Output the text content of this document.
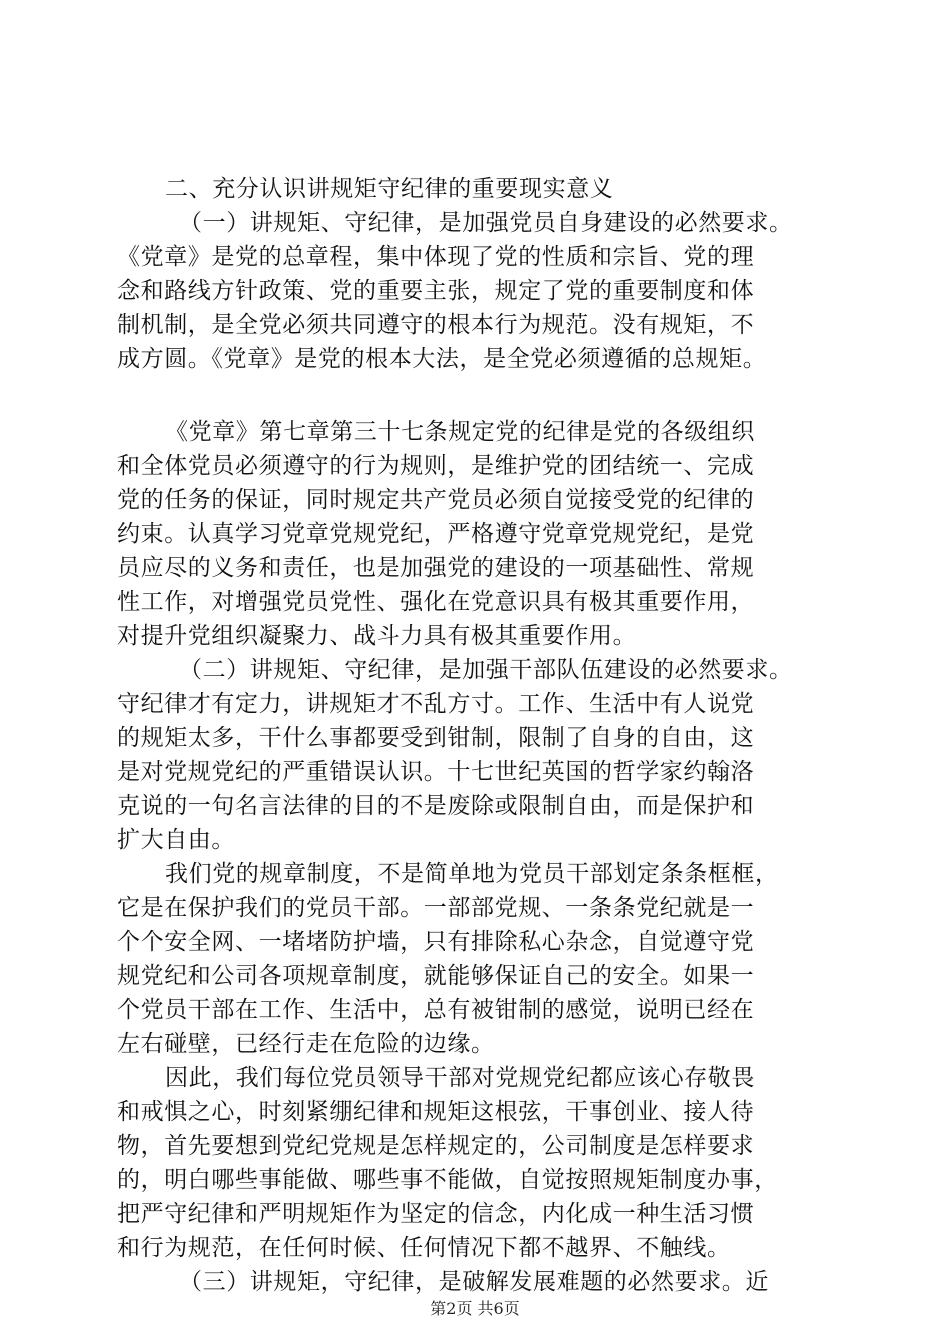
二、充分认识讲规矩守纪律的重要现实意义
（一）讲规矩、守纪律，是加强党员自身建设的必然要求。
《党章》是党的总章程，集中体现了党的性质和宗旨、党的理
念和路线方针政策、党的重要主张，规定了党的重要制度和体
制机制，是全党必须共同遵守的根本行为规范。没有规矩，不
成方圆。《党章》是党的根本大法，是全党必须遵循的总规矩。
《党章》第七章第三十七条规定党的纪律是党的各级组织
和全体党员必须遵守的行为规则，是维护党的团结统一、完成
党的任务的保证，同时规定共产党员必须自觉接受党的纪律的
约束。认真学习党章党规党纪，严格遵守党章党规党纪，是党
员应尽的义务和责任，也是加强党的建设的一项基础性、常规
性工作，对增强党员党性、强化在党意识具有极其重要作用，
对提升党组织凝聚力、战斗力具有极其重要作用。
（二）讲规矩、守纪律，是加强干部队伍建设的必然要求。
守纪律才有定力，讲规矩才不乱方寸。工作、生活中有人说党
的规矩太多，干什么事都要受到钳制，限制了自身的自由，这
是对党规党纪的严重错误认识。十七世纪英国的哲学家约翰洛
克说的一句名言法律的目的不是废除或限制自由，而是保护和
扩大自由。
我们党的规章制度，不是简单地为党员干部划定条条框框，
它是在保护我们的党员干部。一部部党规、一条条党纪就是一
个个安全网、一堵堵防护墙，只有排除私心杂念，自觉遵守党
规党纪和公司各项规章制度，就能够保证自己的安全。如果一
个党员干部在工作、生活中，总有被钳制的感觉，说明已经在
左右碰壁，已经行走在危险的边缘。
因此，我们每位党员领导干部对党规党纪都应该心存敬畏
和戒惧之心，时刻紧绷纪律和规矩这根弦，干事创业、接人待
物，首先要想到党纪党规是怎样规定的，公司制度是怎样要求
的，明白哪些事能做、哪些事不能做，自觉按照规矩制度办事，
把严守纪律和严明规矩作为坚定的信念，内化成一种生活习惯
和行为规范，在任何时候、任何情况下都不越界、不触线。
（三）讲规矩，守纪律，是破解发展难题的必然要求。近
第2页 共6页
